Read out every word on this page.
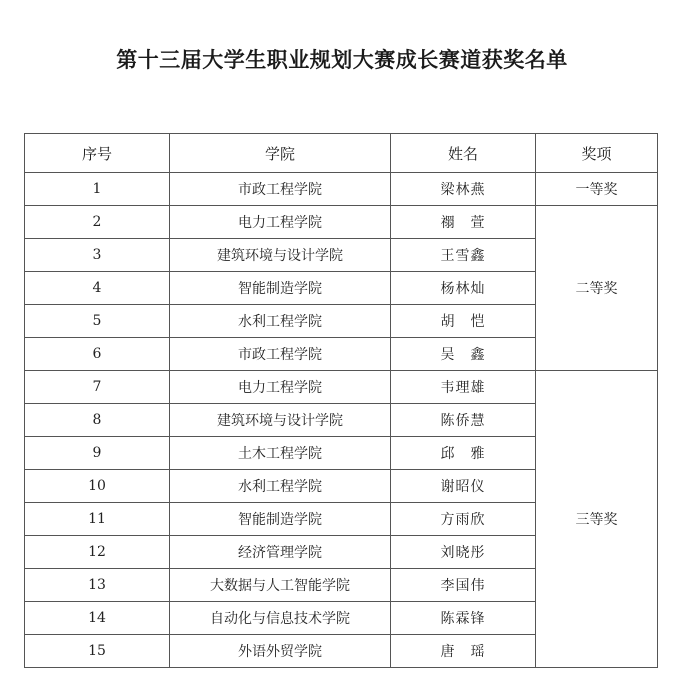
第十三届大学生职业规划大赛成长赛道获奖名单
序号	学院	姓名	奖项
1	市政工程学院	梁林燕	一等奖
2	电力工程学院	禤　萱	二等奖
3	建筑环境与设计学院	王雪鑫	
4	智能制造学院	杨林灿	
5	水利工程学院	胡　恺	
6	市政工程学院	吴　鑫	
7	电力工程学院	韦理雄	三等奖
8	建筑环境与设计学院	陈侨慧	
9	土木工程学院	邱　雅	
10	水利工程学院	谢昭仪	
11	智能制造学院	方雨欣	
12	经济管理学院	刘晓彤	
13	大数据与人工智能学院	李国伟	
14	自动化与信息技术学院	陈霖锋	
15	外语外贸学院	唐　瑶	
